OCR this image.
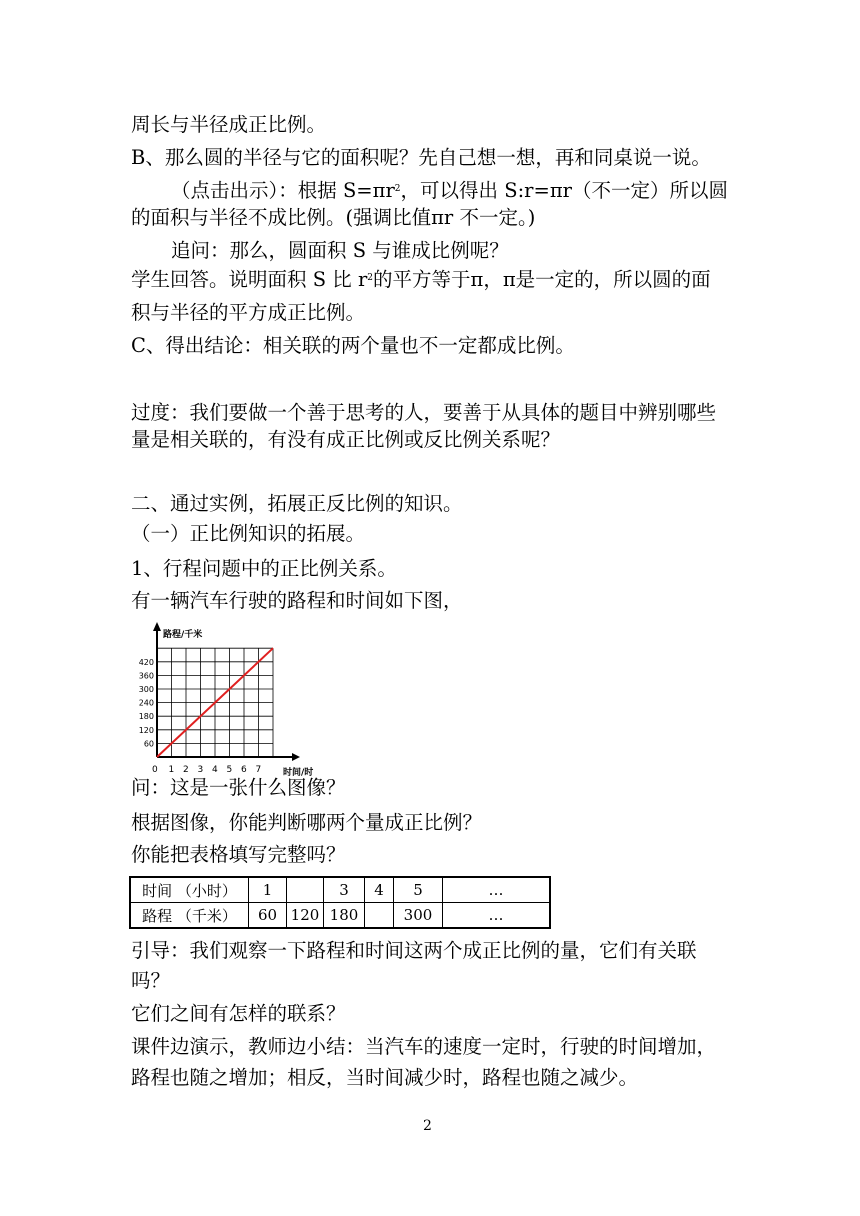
周长与半径成正比例。
B、那么圆的半径与它的面积呢？先自己想一想，再和同桌说一说。
（点击出示）：根据 $S=\pi r^2$，可以得出 S:r=πr（不一定）所以圆
的面积与半径不成比例。(强调比值πr 不一定。)
追问：那么，圆面积 S 与谁成比例呢？
学生回答。说明面积 S 比 $r^2$的平方等于π，π是一定的，所以圆的面
积与半径的平方成正比例。
C、得出结论：相关联的两个量也不一定都成比例。
过度：我们要做一个善于思考的人，要善于从具体的题目中辨别哪些
量是相关联的，有没有成正比例或反比例关系呢？
二、通过实例，拓展正反比例的知识。
（一）正比例知识的拓展。
1、行程问题中的正比例关系。
有一辆汽车行驶的路程和时间如下图，
0 1 2 3 4 5 6 7
60
120
180
240
300
360
420
路程/千米
时间/时
问：这是一张什么图像？
根据图像，你能判断哪两个量成正比例？
你能把表格填写完整吗？
时间 （小时）	1		3	4	5	…
路程 （千米）	60	120	180		300	…
引导：我们观察一下路程和时间这两个成正比例的量，它们有关联
吗？
它们之间有怎样的联系？
课件边演示，教师边小结：当汽车的速度一定时，行驶的时间增加，
路程也随之增加；相反，当时间减少时，路程也随之减少。
2
